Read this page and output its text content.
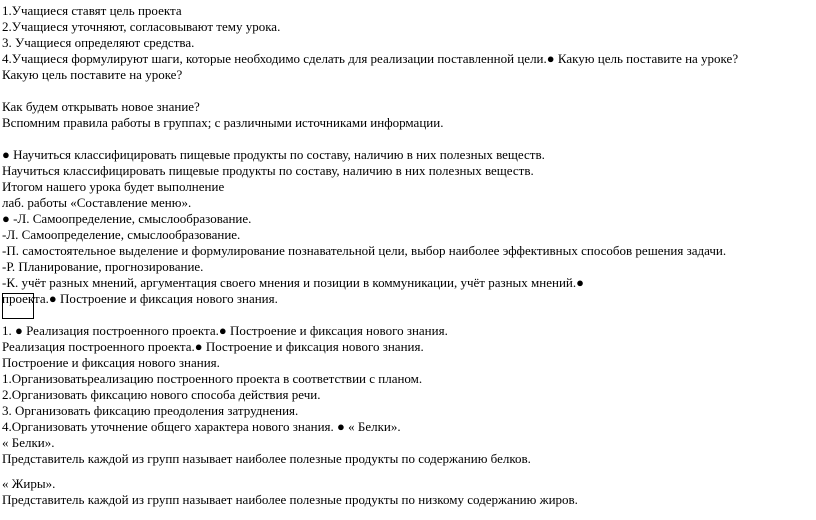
1.Учащиеся ставят цель проекта
2.Учащиеся уточняют, согласовывают тему урока.
3. Учащиеся определяют средства.
4.Учащиеся формулируют шаги, которые необходимо сделать для реализации поставленной цели.● Какую цель поставите на уроке?
Какую цель поставите на уроке?
Как будем открывать новое знание?
Вспомним правила работы в группах; с различными источниками информации.
● Научиться классифицировать пищевые продукты по составу, наличию в них полезных веществ.
Научиться классифицировать пищевые продукты по составу, наличию в них полезных веществ.
Итогом нашего урока будет выполнение
лаб. работы «Составление меню».
● -Л. Самоопределение, смыслообразование.
-Л. Самоопределение, смыслообразование.
-П. самостоятельное выделение и формулирование познавательной цели, выбор наиболее эффективных способов решения задачи.
-Р. Планирование, прогнозирование.
-К. учёт разных мнений, аргументация своего мнения и позиции в коммуникации, учёт разных мнений.●
проекта.● Построение и фиксация нового знания.
1. ● Реализация построенного проекта.● Построение и фиксация нового знания.
Реализация построенного проекта.● Построение и фиксация нового знания.
Построение и фиксация нового знания.
1.Организоватьреализацию построенного проекта в соответствии с планом.
2.Организовать фиксацию нового способа действия речи.
3. Организовать фиксацию преодоления затруднения.
4.Организовать уточнение общего характера нового знания. ● « Белки».
« Белки».
Представитель каждой из групп называет наиболее полезные продукты по содержанию белков.
« Жиры».
Представитель каждой из групп называет наиболее полезные продукты по низкому содержанию жиров.
